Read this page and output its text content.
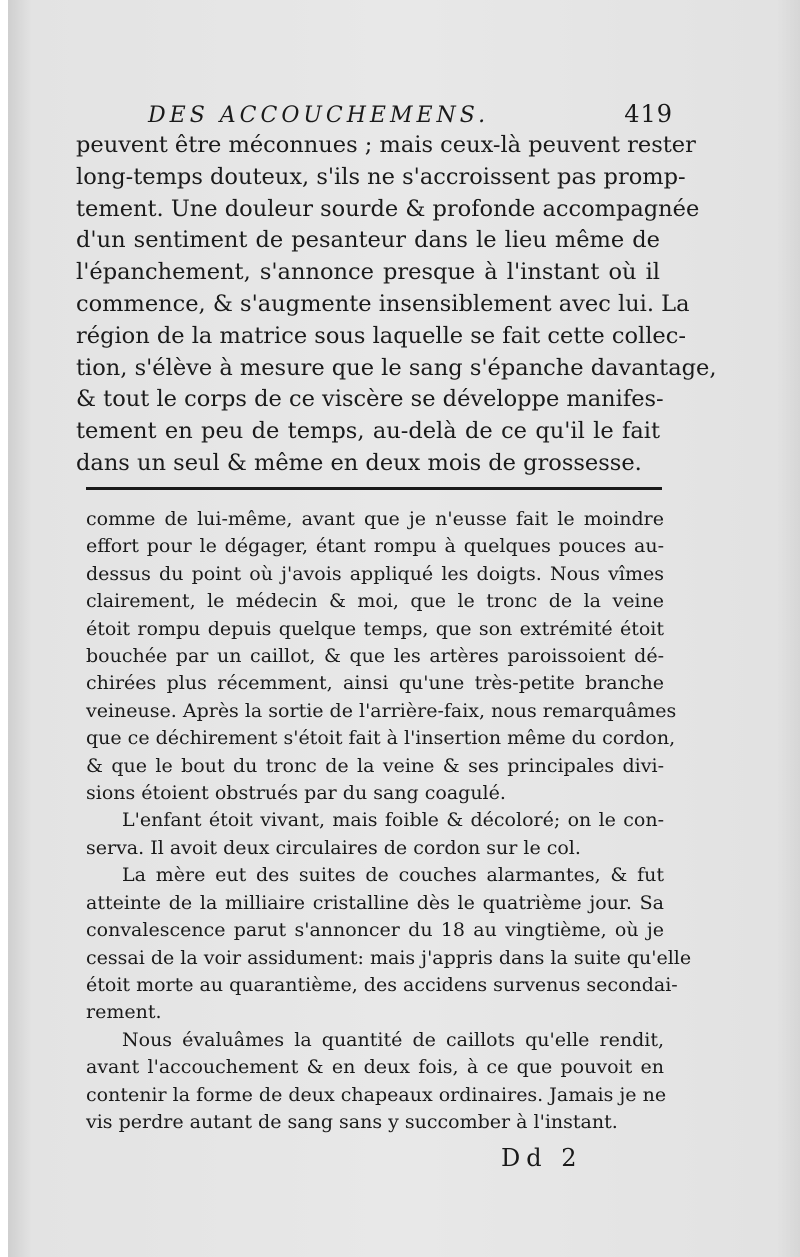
DES ACCOUCHEMENS.	419
peuvent être méconnues ; mais ceux-là peuvent rester
long-temps douteux, s'ils ne s'accroissent pas promp-
tement. Une douleur sourde & profonde accompagnée
d'un sentiment de pesanteur dans le lieu même de
l'épanchement, s'annonce presque à l'instant où il
commence, & s'augmente insensiblement avec lui. La
région de la matrice sous laquelle se fait cette collec-
tion, s'élève à mesure que le sang s'épanche davantage,
& tout le corps de ce viscère se développe manifes-
tement en peu de temps, au-delà de ce qu'il le fait
dans un seul & même en deux mois de grossesse.
comme de lui-même, avant que je n'eusse fait le moindre
effort pour le dégager, étant rompu à quelques pouces au-
dessus du point où j'avois appliqué les doigts. Nous vîmes
clairement, le médecin & moi, que le tronc de la veine
étoit rompu depuis quelque temps, que son extrémité étoit
bouchée par un caillot, & que les artères paroissoient dé-
chirées plus récemment, ainsi qu'une très-petite branche
veineuse. Après la sortie de l'arrière-faix, nous remarquâmes
que ce déchirement s'étoit fait à l'insertion même du cordon,
& que le bout du tronc de la veine & ses principales divi-
sions étoient obstrués par du sang coagulé.
L'enfant étoit vivant, mais foible & décoloré; on le con-
serva. Il avoit deux circulaires de cordon sur le col.
La mère eut des suites de couches alarmantes, & fut
atteinte de la milliaire cristalline dès le quatrième jour. Sa
convalescence parut s'annoncer du 18 au vingtième, où je
cessai de la voir assidument: mais j'appris dans la suite qu'elle
étoit morte au quarantième, des accidens survenus secondai-
rement.
Nous évaluâmes la quantité de caillots qu'elle rendit,
avant l'accouchement & en deux fois, à ce que pouvoit en
contenir la forme de deux chapeaux ordinaires. Jamais je ne
vis perdre autant de sang sans y succomber à l'instant.
Dd 2
